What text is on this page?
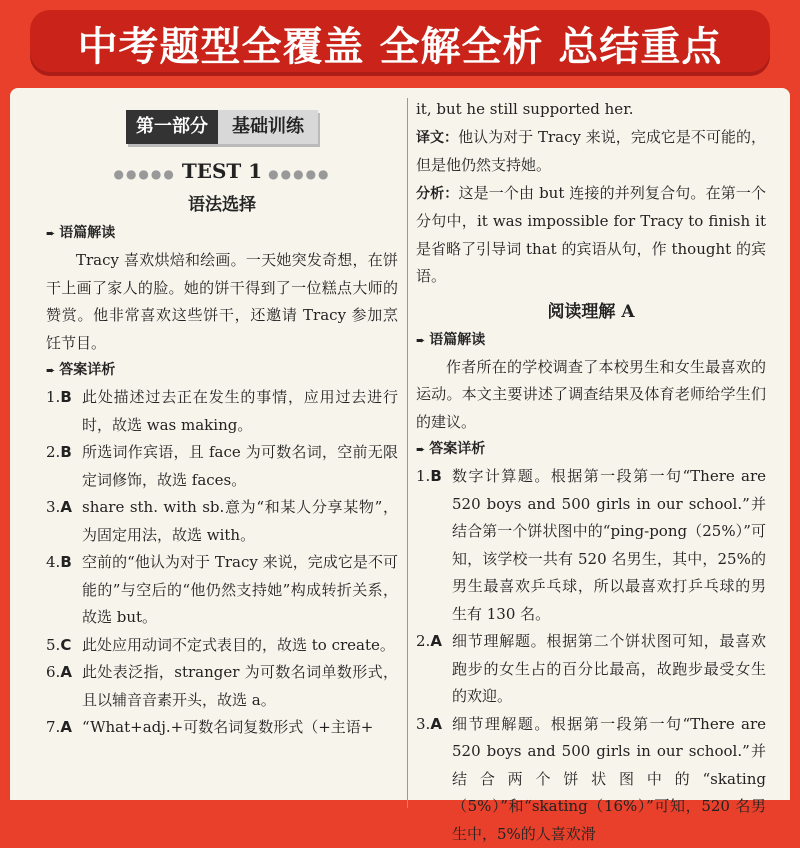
中考题型全覆盖 全解全析 总结重点
第一部分	基础训练
●●●●● TEST 1 ●●●●●
语法选择
➨ 语篇解读
Tracy 喜欢烘焙和绘画。一天她突发奇想，在饼干上画了家人的脸。她的饼干得到了一位糕点大师的赞赏。他非常喜欢这些饼干，还邀请 Tracy 参加烹饪节目。
➨ 答案详析
1.B 此处描述过去正在发生的事情，应用过去进行时，故选 was making。
2.B 所选词作宾语，且 face 为可数名词，空前无限定词修饰，故选 faces。
3.A share sth. with sb.意为“和某人分享某物”，为固定用法，故选 with。
4.B 空前的“他认为对于 Tracy 来说，完成它是不可能的”与空后的“他仍然支持她”构成转折关系，故选 but。
5.C 此处应用动词不定式表目的，故选 to create。
6.A 此处表泛指，stranger 为可数名词单数形式，且以辅音音素开头，故选 a。
7.A “What+adj.+可数名词复数形式（+主语+
it, but he still supported her.
译文：他认为对于 Tracy 来说，完成它是不可能的，但是他仍然支持她。
分析：这是一个由 but 连接的并列复合句。在第一个分句中，it was impossible for Tracy to finish it 是省略了引导词 that 的宾语从句，作 thought 的宾语。
阅读理解 A
➨ 语篇解读
作者所在的学校调查了本校男生和女生最喜欢的运动。本文主要讲述了调查结果及体育老师给学生们的建议。
➨ 答案详析
1.B 数字计算题。根据第一段第一句“There are 520 boys and 500 girls in our school.”并结合第一个饼状图中的“ping-pong（25%）”可知，该学校一共有 520 名男生，其中，25%的男生最喜欢乒乓球，所以最喜欢打乒乓球的男生有 130 名。
2.A 细节理解题。根据第二个饼状图可知，最喜欢跑步的女生占的百分比最高，故跑步最受女生的欢迎。
3.A 细节理解题。根据第一段第一句“There are 520 boys and 500 girls in our school.”并结合两个饼状图中的“skating（5%）”和“skating（16%）”可知，520 名男生中，5%的人喜欢滑
